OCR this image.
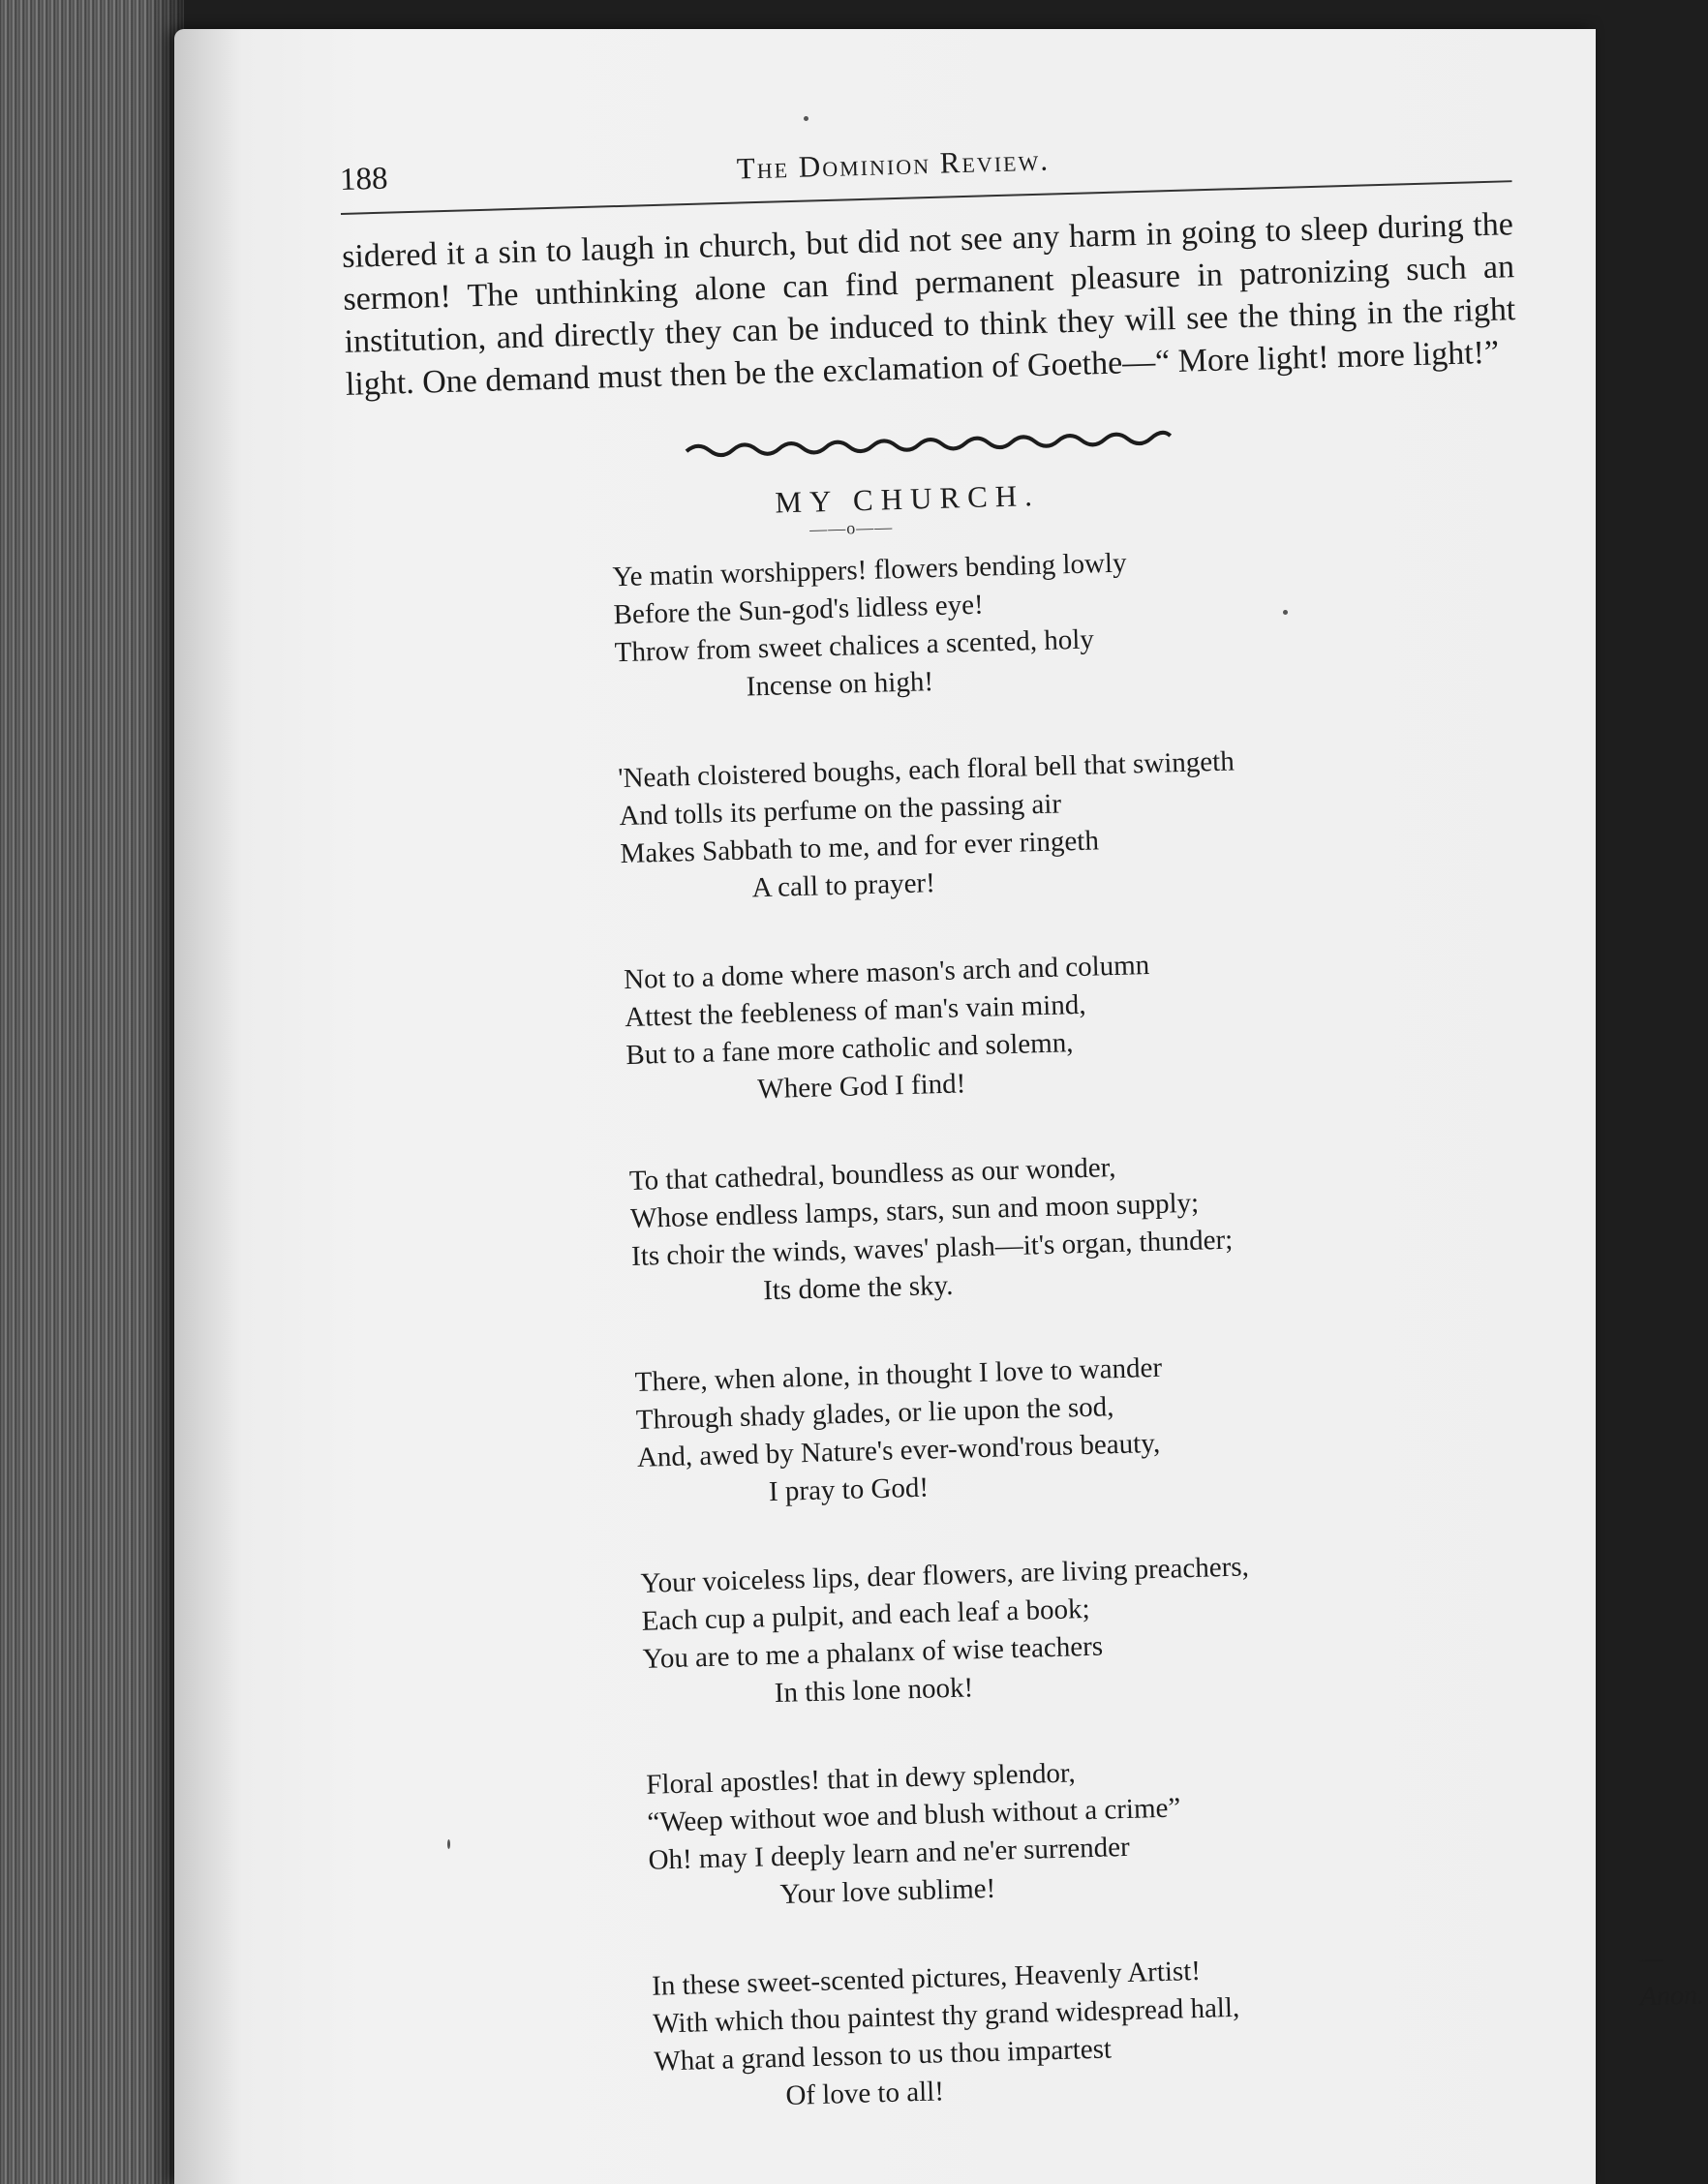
188	The Dominion Review.

sidered it a sin to laugh in church, but did not see any harm in going to sleep during the sermon! The unthinking alone can find permanent pleasure in patronizing such an institution, and directly they can be induced to think they will see the thing in the right light. One demand must then be the exclamation of Goethe—“ More light! more light!”

MY CHURCH.
——o——
Ye matin worshippers! flowers bending lowly
Before the Sun-god's lidless eye!
Throw from sweet chalices a scented, holy
Incense on high!
'Neath cloistered boughs, each floral bell that swingeth
And tolls its perfume on the passing air
Makes Sabbath to me, and for ever ringeth
A call to prayer!
Not to a dome where mason's arch and column
Attest the feebleness of man's vain mind,
But to a fane more catholic and solemn,
Where God I find!
To that cathedral, boundless as our wonder,
Whose endless lamps, stars, sun and moon supply;
Its choir the winds, waves' plash—it's organ, thunder;
Its dome the sky.
There, when alone, in thought I love to wander
Through shady glades, or lie upon the sod,
And, awed by Nature's ever-wond'rous beauty,
I pray to God!
Your voiceless lips, dear flowers, are living preachers,
Each cup a pulpit, and each leaf a book;
You are to me a phalanx of wise teachers
In this lone nook!
Floral apostles! that in dewy splendor,
“Weep without woe and blush without a crime”
Oh! may I deeply learn and ne'er surrender
Your love sublime!
In these sweet-scented pictures, Heavenly Artist!
With which thou paintest thy grand widespread hall,
What a grand lesson to us thou impartest
Of love to all!
—Anon.
